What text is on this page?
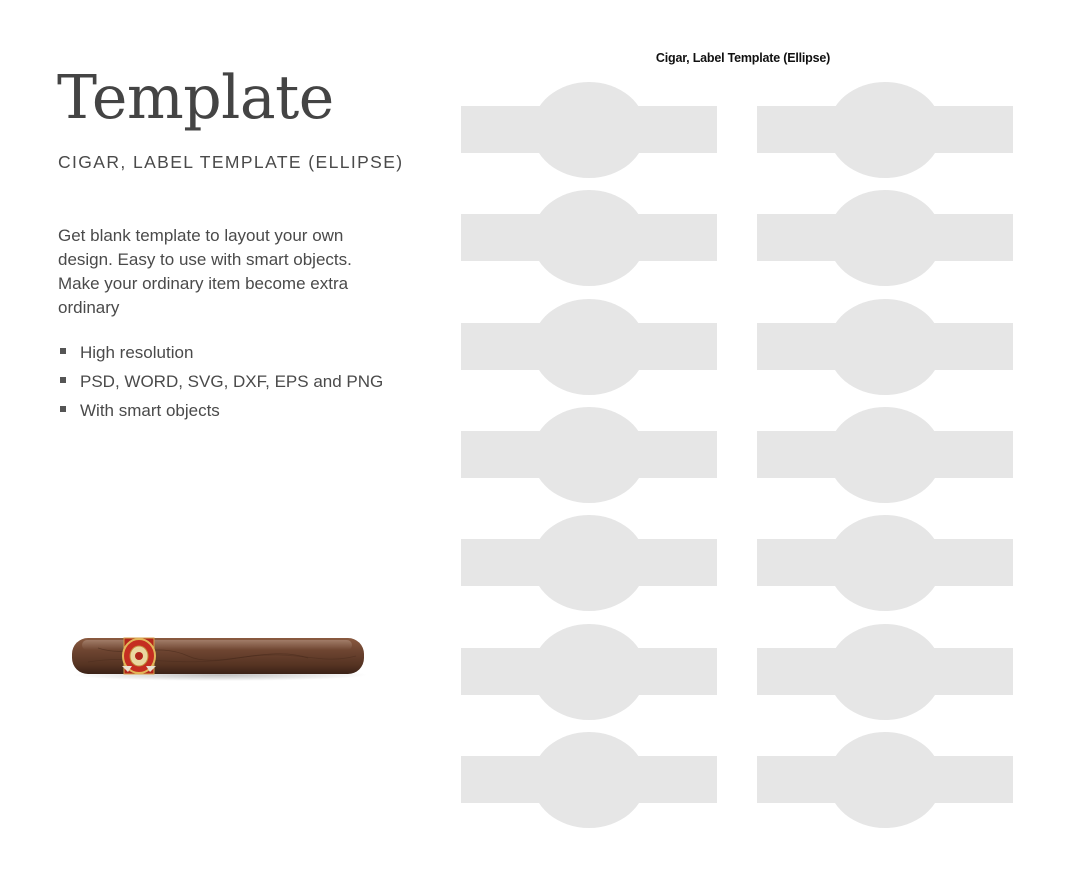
Template

CIGAR, LABEL TEMPLATE (ELLIPSE)

Get blank template to layout your own design. Easy to use with smart objects. Make your ordinary item become extra ordinary

High resolution
PSD, WORD, SVG, DXF, EPS and PNG
With smart objects

Cigar, Label Template (Ellipse)
